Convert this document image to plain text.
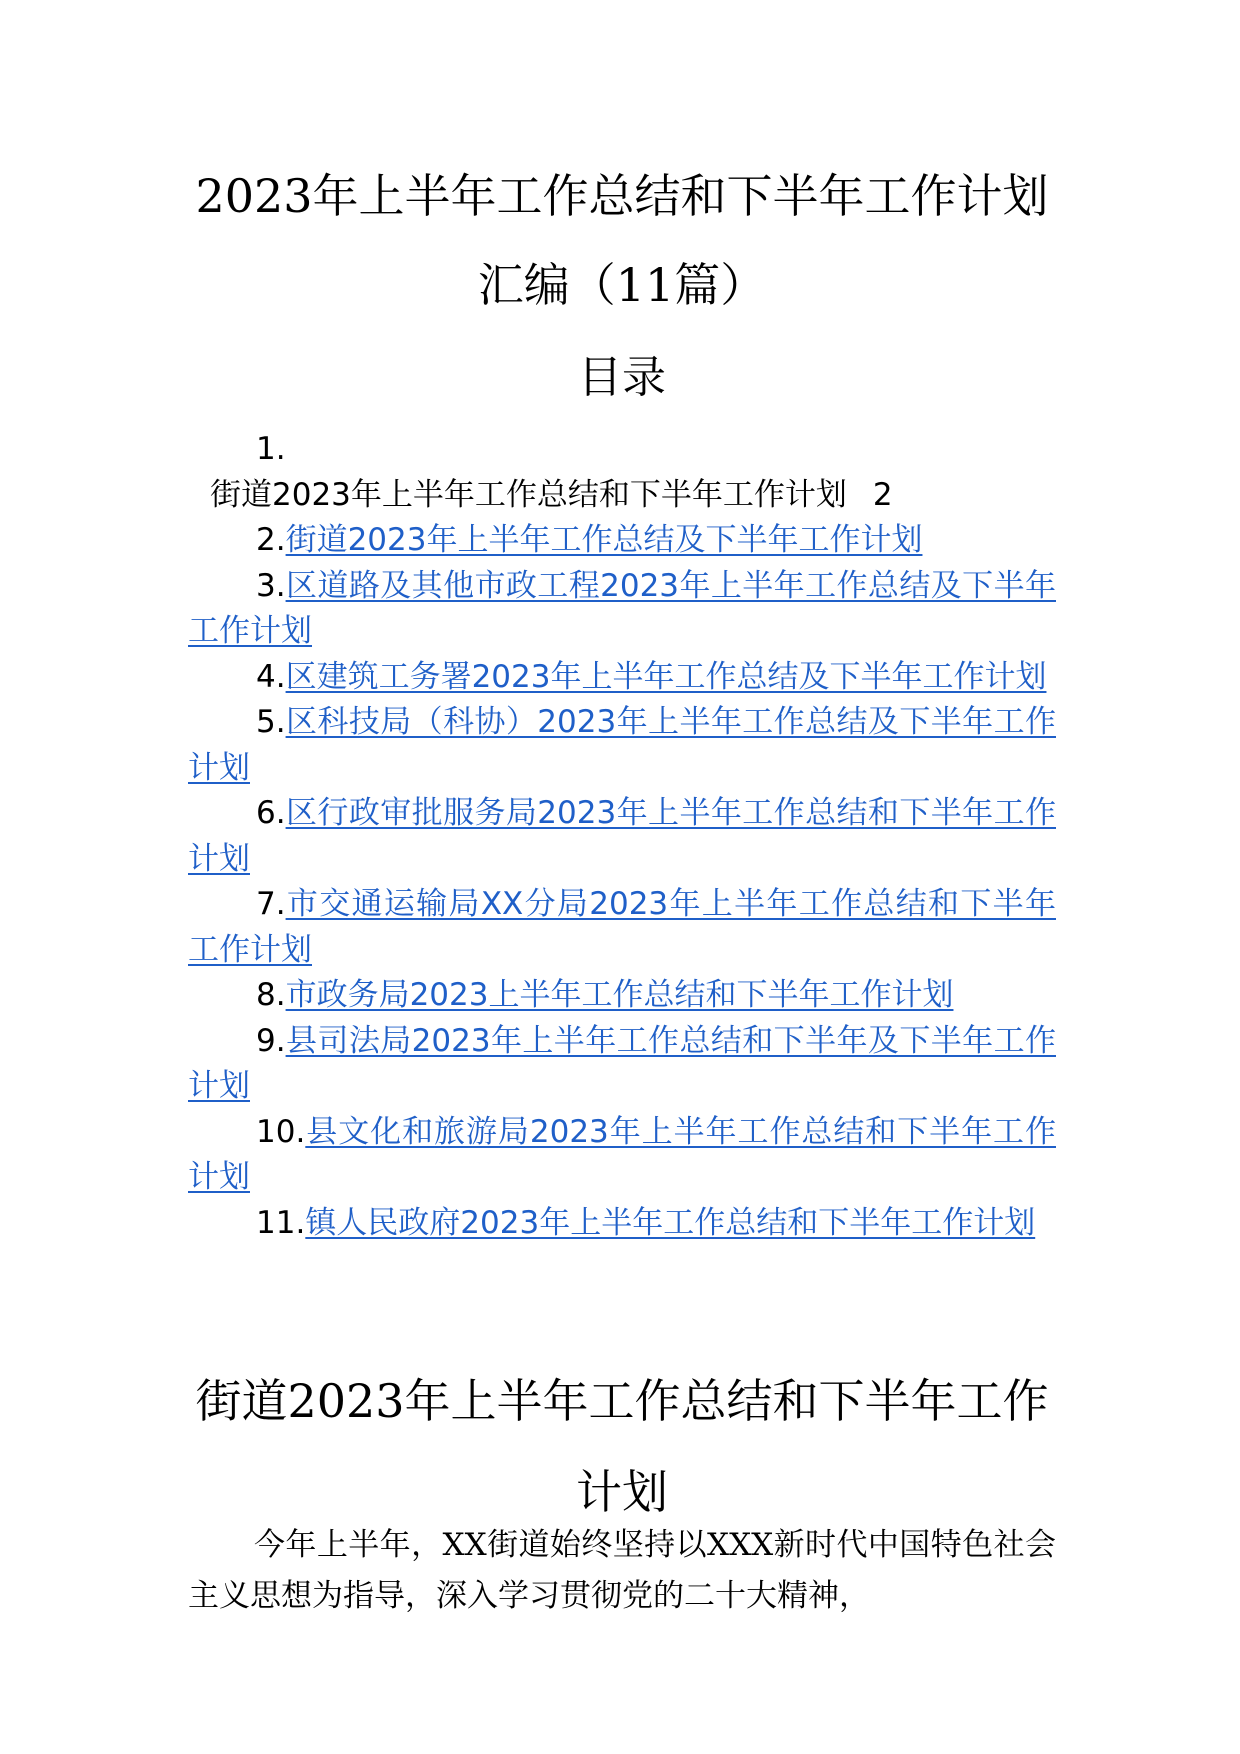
2023年上半年工作总结和下半年工作计划
汇编（11篇）
目录
1.
街道2023年上半年工作总结和下半年工作计划 2
2.街道2023年上半年工作总结及下半年工作计划
3.区道路及其他市政工程2023年上半年工作总结及下半年工作计划
4.区建筑工务署2023年上半年工作总结及下半年工作计划
5.区科技局（科协）2023年上半年工作总结及下半年工作计划
6.区行政审批服务局2023年上半年工作总结和下半年工作计划
7.市交通运输局XX分局2023年上半年工作总结和下半年工作计划
8.市政务局2023上半年工作总结和下半年工作计划
9.县司法局2023年上半年工作总结和下半年及下半年工作计划
10.县文化和旅游局2023年上半年工作总结和下半年工作计划
11.镇人民政府2023年上半年工作总结和下半年工作计划
街道2023年上半年工作总结和下半年工作计划
今年上半年，XX街道始终坚持以XXX新时代中国特色社会主义思想为指导，深入学习贯彻党的二十大精神，
